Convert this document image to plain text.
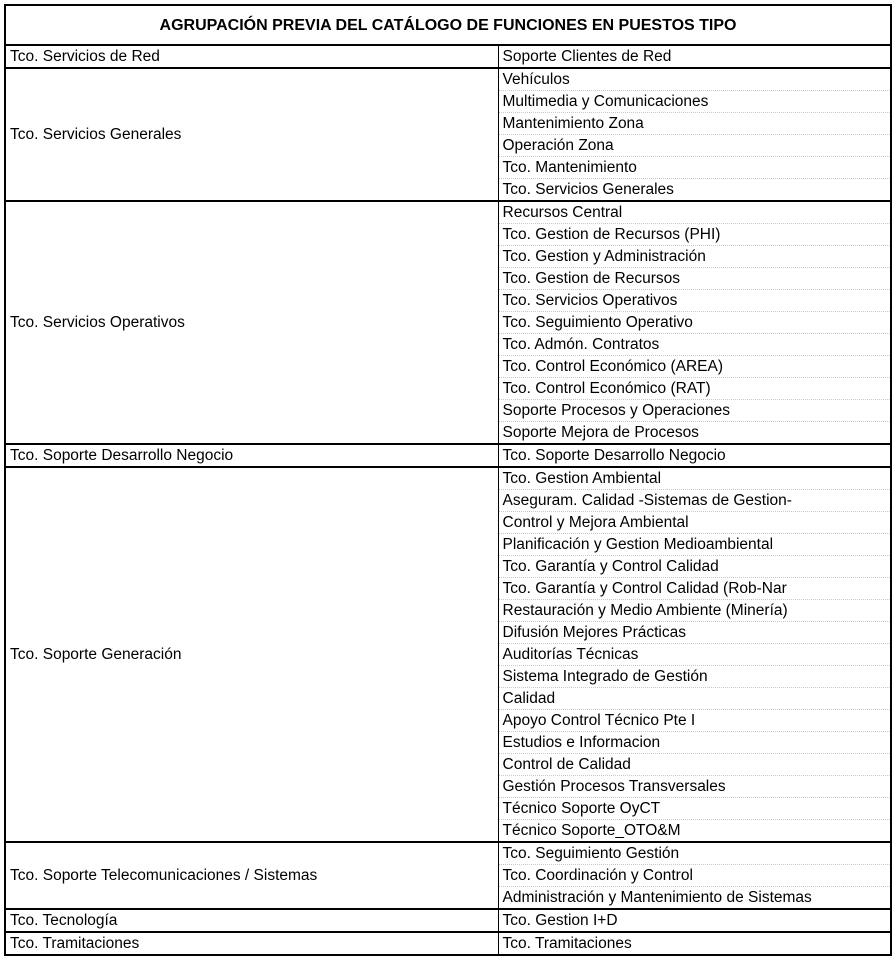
AGRUPACIÓN PREVIA DEL CATÁLOGO DE FUNCIONES EN PUESTOS TIPO	
Tco. Servicios de Red	Soporte Clientes de Red
Tco. Servicios Generales	Vehículos
	Multimedia y Comunicaciones
	Mantenimiento Zona
	Operación Zona
	Tco. Mantenimiento
	Tco. Servicios Generales
Tco. Servicios Operativos	Recursos Central
	Tco. Gestion de Recursos (PHI)
	Tco. Gestion y Administración
	Tco. Gestion de Recursos
	Tco. Servicios Operativos
	Tco. Seguimiento Operativo
	Tco. Admón. Contratos
	Tco. Control Económico (AREA)
	Tco. Control Económico (RAT)
	Soporte Procesos y Operaciones
	Soporte Mejora de Procesos
Tco. Soporte Desarrollo Negocio	Tco. Soporte Desarrollo Negocio
Tco. Soporte Generación	Tco. Gestion Ambiental
	Aseguram. Calidad -Sistemas de Gestion-
	Control y Mejora Ambiental
	Planificación y Gestion Medioambiental
	Tco. Garantía y Control Calidad
	Tco. Garantía y Control Calidad (Rob-Nar
	Restauración y Medio Ambiente (Minería)
	Difusión Mejores Prácticas
	Auditorías Técnicas
	Sistema Integrado de Gestión
	Calidad
	Apoyo Control Técnico Pte I
	Estudios e Informacion
	Control de Calidad
	Gestión Procesos Transversales
	Técnico Soporte OyCT
	Técnico Soporte_OTO&M
Tco. Soporte Telecomunicaciones / Sistemas	Tco. Seguimiento Gestión
	Tco. Coordinación y Control
	Administración y Mantenimiento de Sistemas
Tco. Tecnología	Tco. Gestion I+D
Tco. Tramitaciones	Tco. Tramitaciones
